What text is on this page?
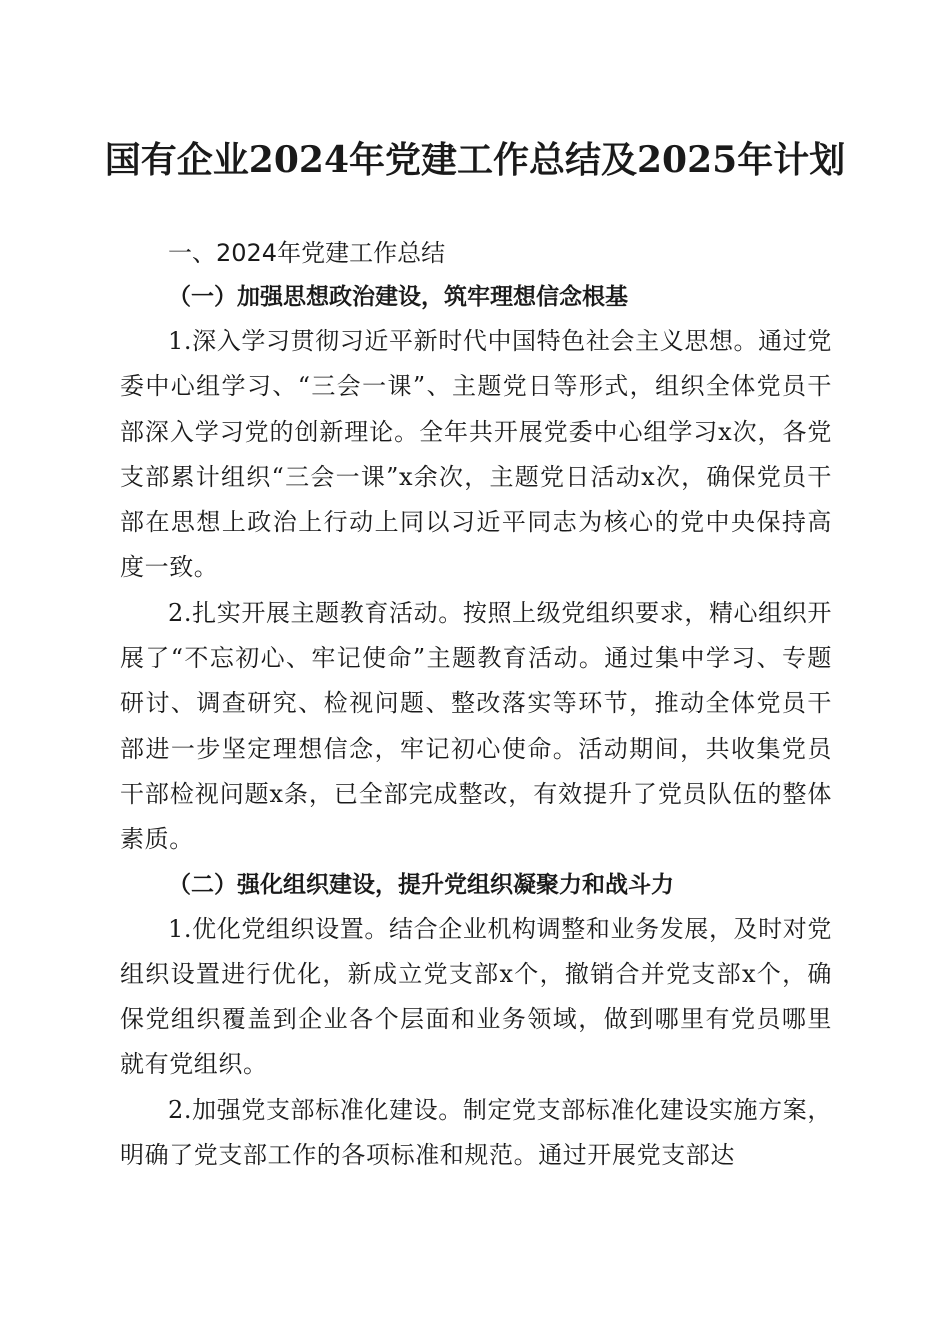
国有企业2024年党建工作总结及2025年计划
一、2024年党建工作总结
（一）加强思想政治建设，筑牢理想信念根基

1.深入学习贯彻习近平新时代中国特色社会主义思想。通过党委中心组学习、“三会一课”、主题党日等形式，组织全体党员干部深入学习党的创新理论。全年共开展党委中心组学习x次，各党支部累计组织“三会一课”x余次，主题党日活动x次，确保党员干部在思想上政治上行动上同以习近平同志为核心的党中央保持高度一致。

2.扎实开展主题教育活动。按照上级党组织要求，精心组织开展了“不忘初心、牢记使命”主题教育活动。通过集中学习、专题研讨、调查研究、检视问题、整改落实等环节，推动全体党员干部进一步坚定理想信念，牢记初心使命。活动期间，共收集党员干部检视问题x条，已全部完成整改，有效提升了党员队伍的整体素质。

（二）强化组织建设，提升党组织凝聚力和战斗力

1.优化党组织设置。结合企业机构调整和业务发展，及时对党组织设置进行优化，新成立党支部x个，撤销合并党支部x个，确保党组织覆盖到企业各个层面和业务领域，做到哪里有党员哪里就有党组织。

2.加强党支部标准化建设。制定党支部标准化建设实施方案，明确了党支部工作的各项标准和规范。通过开展党支部达
